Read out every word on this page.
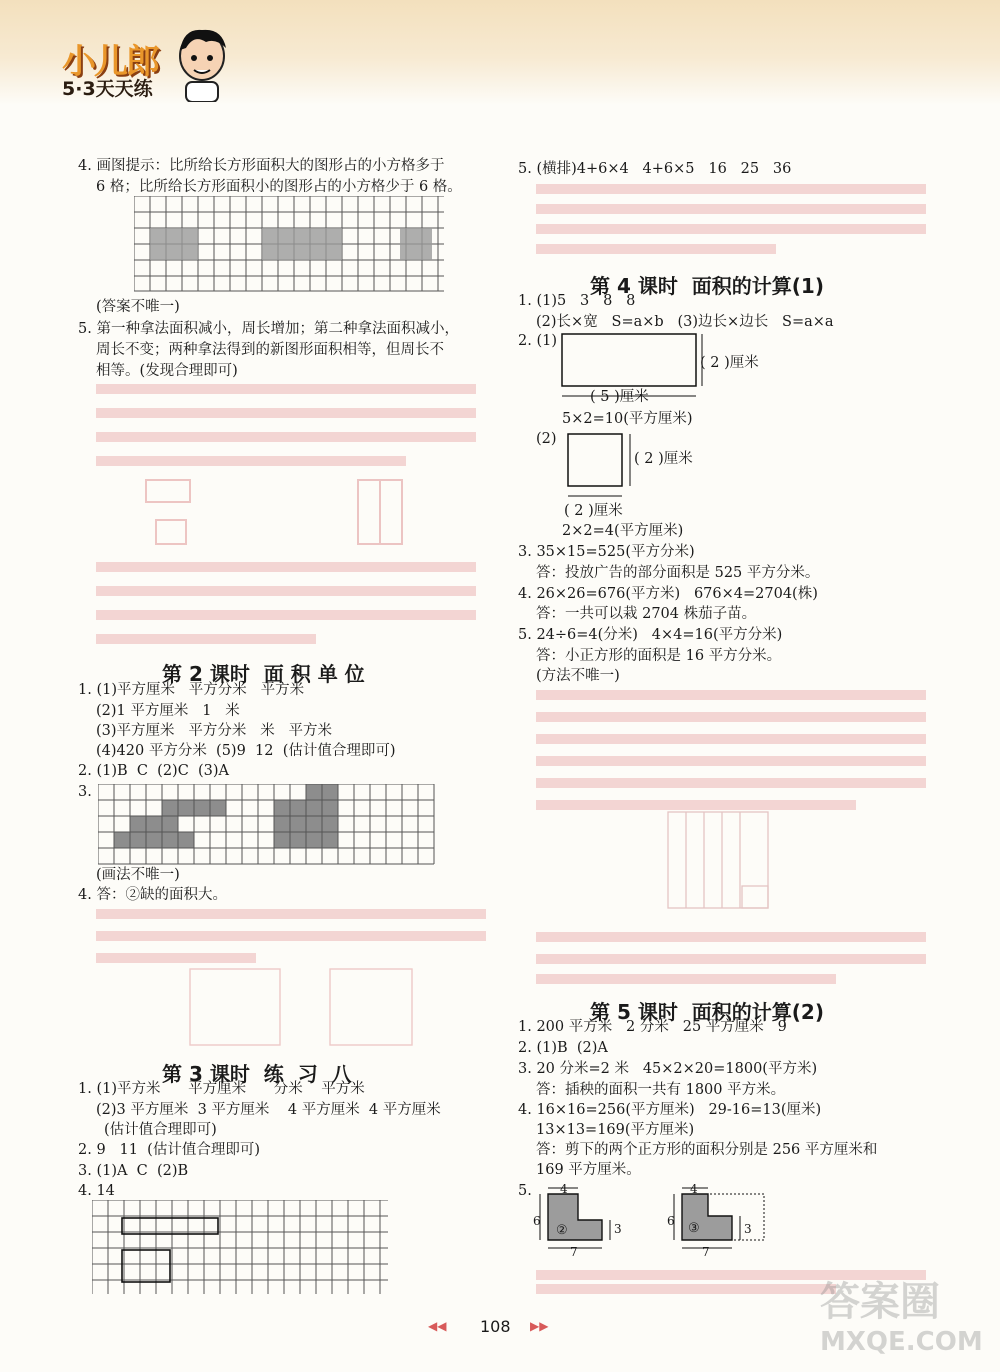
小儿郎
5·3天天练
4. 画图提示：比所给长方形面积大的图形占的小方格多于
6 格；比所给长方形面积小的图形占的小方格少于 6 格。
(答案不唯一)
5. 第一种拿法面积减小，周长增加；第二种拿法面积减小，
周长不变；两种拿法得到的新图形面积相等，但周长不
相等。(发现合理即可)
第 2 课时  面 积 单 位
1. (1)平方厘米   平方分米   平方米
(2)1 平方厘米   1   米
(3)平方厘米   平方分米   米   平方米
(4)420 平方分米  (5)9  12  (估计值合理即可)
2. (1)B  C  (2)C  (3)A
3.
(画法不唯一)
4. 答：②缺的面积大。
第 3 课时  练  习  八
1. (1)平方米      平方厘米      分米    平方米
(2)3 平方厘米  3 平方厘米    4 平方厘米  4 平方厘米
(估计值合理即可)
2. 9   11  (估计值合理即可)
3. (1)A  C  (2)B
4. 14
5. (横排)4+6×4   4+6×5   16   25   36
第 4 课时  面积的计算(1)
1. (1)5   3   8   8
(2)长×宽   S=a×b   (3)边长×边长   S=a×a
2. (1)
( 2 )厘米
( 5 )厘米
5×2=10(平方厘米)
(2)
( 2 )厘米
( 2 )厘米
2×2=4(平方厘米)
3. 35×15=525(平方分米)
答：投放广告的部分面积是 525 平方分米。
4. 26×26=676(平方米)   676×4=2704(株)
答：一共可以栽 2704 株茄子苗。
5. 24÷6=4(分米)   4×4=16(平方分米)
答：小正方形的面积是 16 平方分米。
(方法不唯一)
第 5 课时  面积的计算(2)
1. 200 平方米   2 分米   25 平方厘米   9
2. (1)B  (2)A
3. 20 分米=2 米   45×2×20=1800(平方米)
答：插秧的面积一共有 1800 平方米。
4. 16×16=256(平方厘米)   29-16=13(厘米)
13×13=169(平方厘米)
答：剪下的两个正方形的面积分别是 256 平方厘米和
169 平方厘米。
5. 4
6
3
7
②
4
6
3
7
③
◀◀ 108 ▶▶
答案圈
MXQE.COM
